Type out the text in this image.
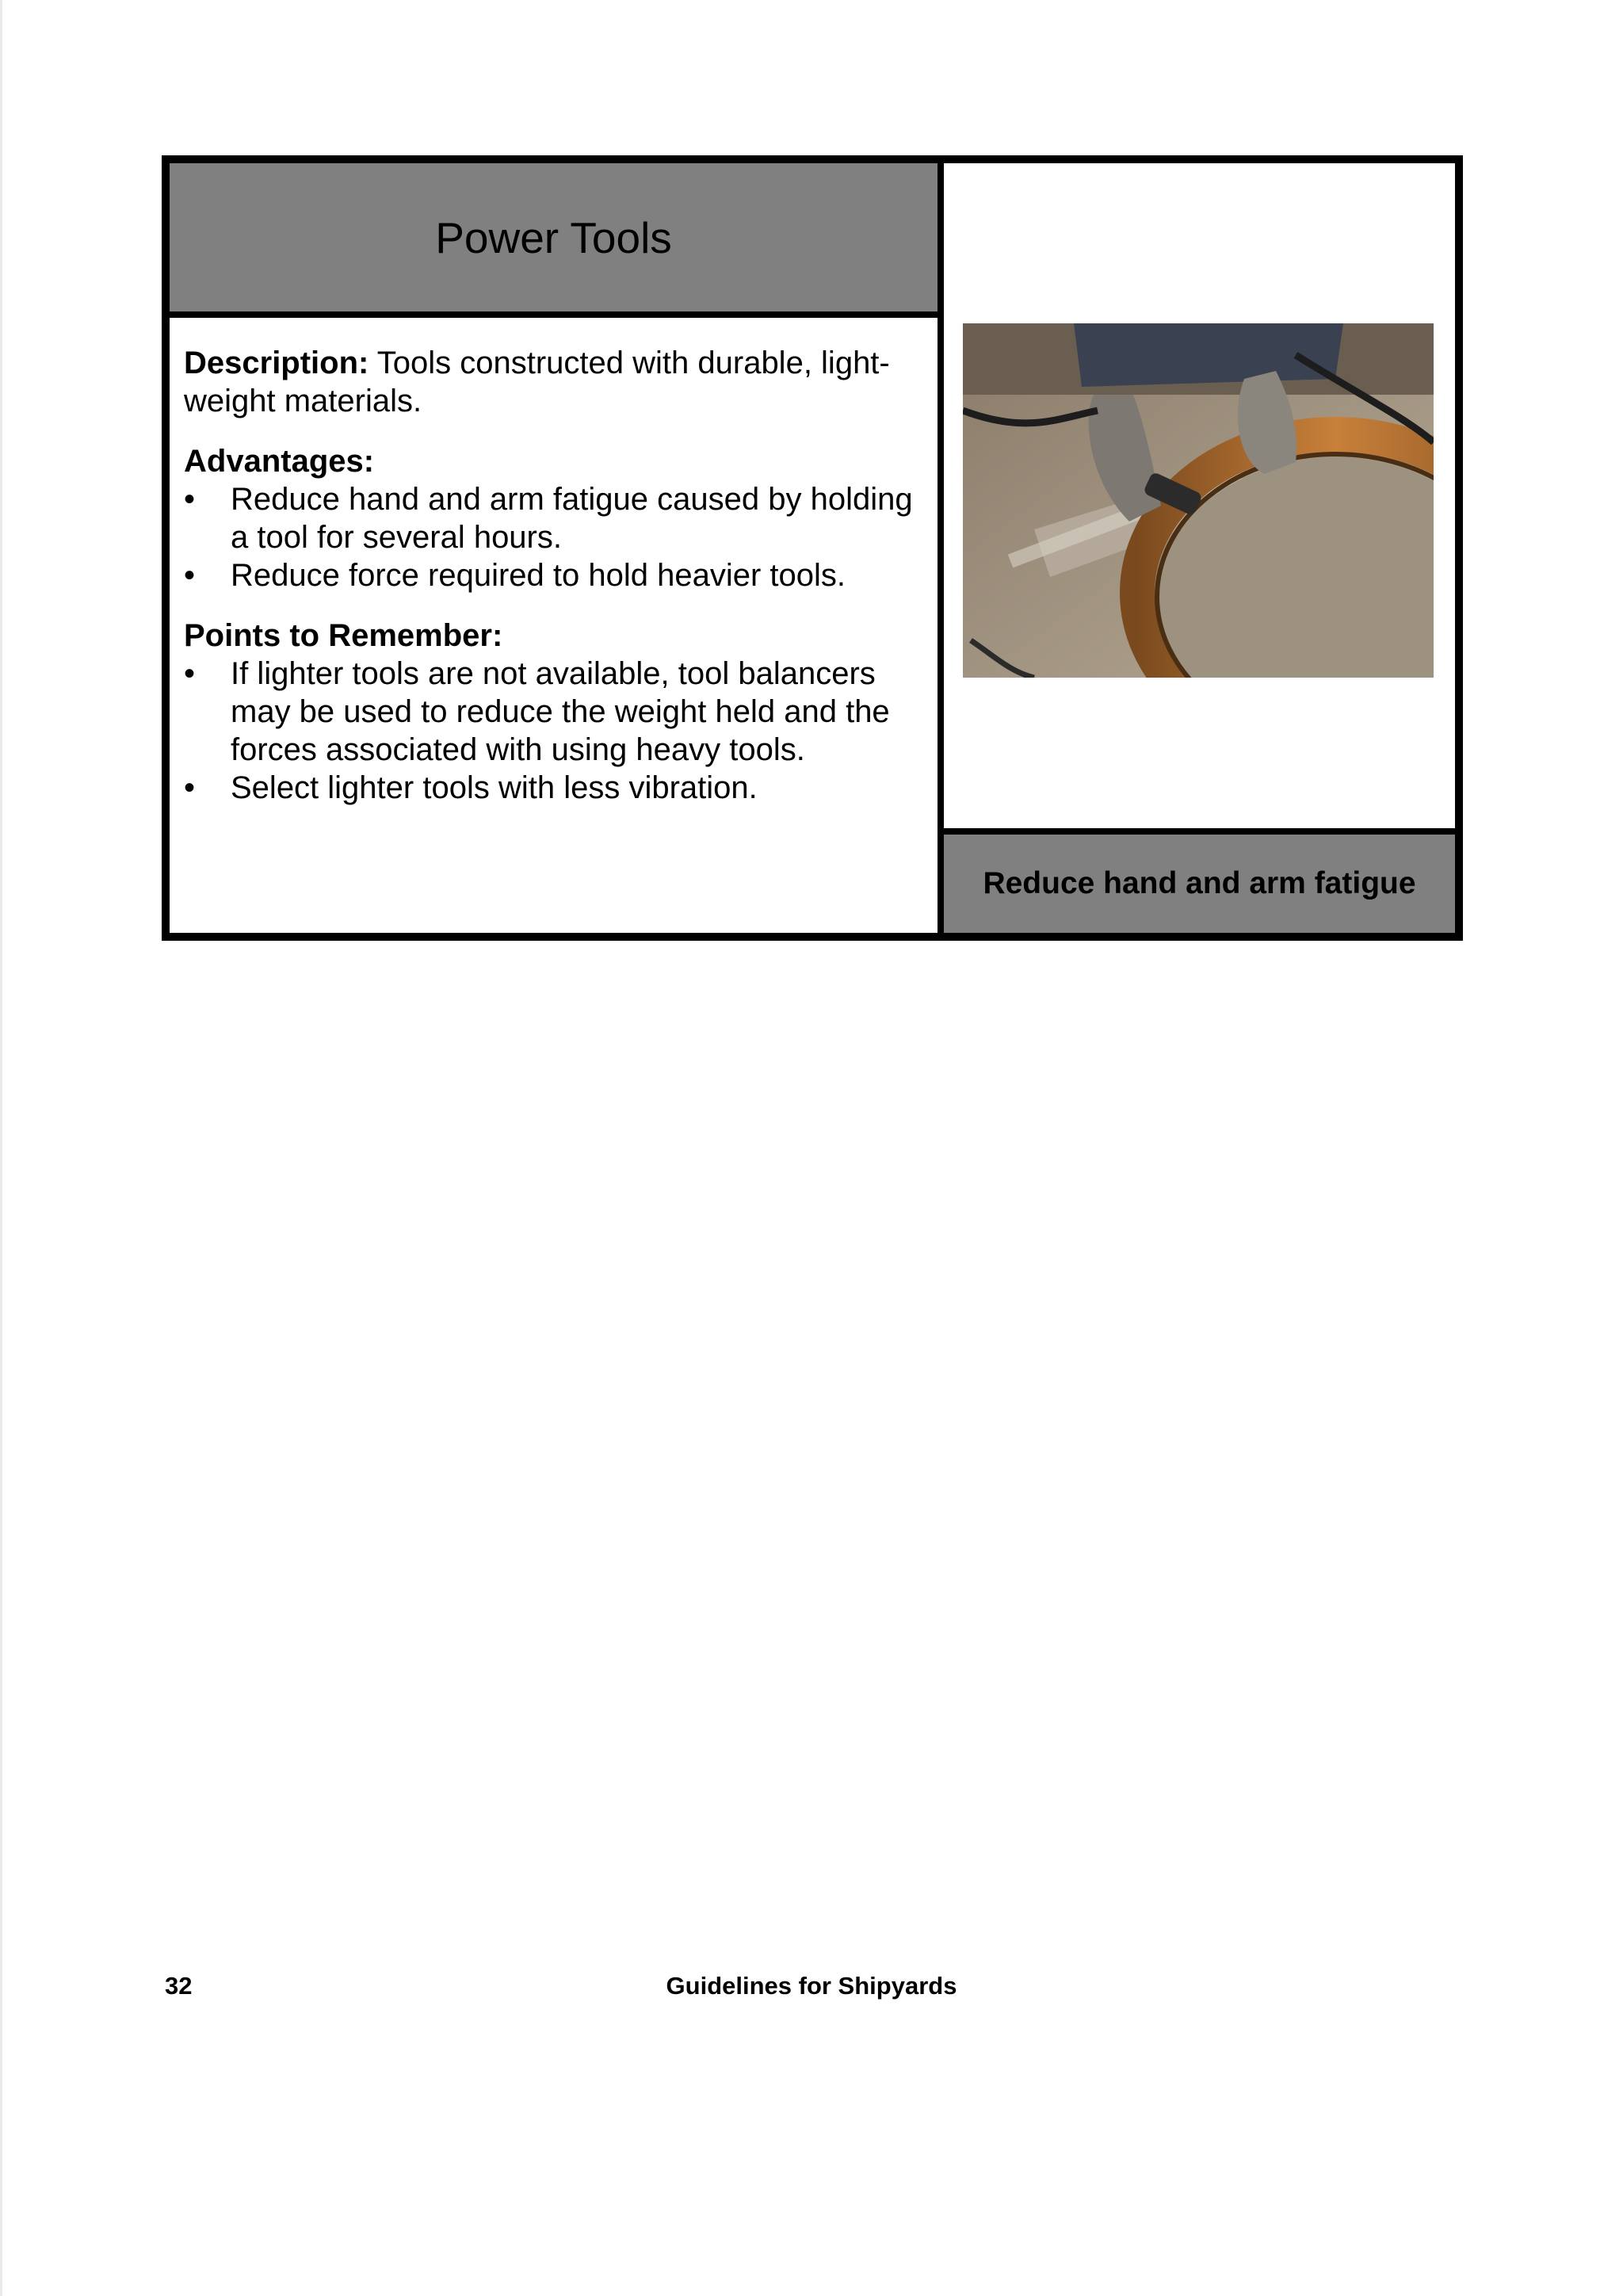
Power Tools

Description: Tools constructed with durable, light-weight materials.

Advantages:

•	Reduce hand and arm fatigue caused by holding a tool for several hours.
•	Reduce force required to hold heavier tools.

Points to Remember:

•	If lighter tools are not available, tool balancers may be used to reduce the weight held and the forces associated with using heavy tools.
•	Select lighter tools with less vibration.
Reduce hand and arm fatigue
32	Guidelines for Shipyards
